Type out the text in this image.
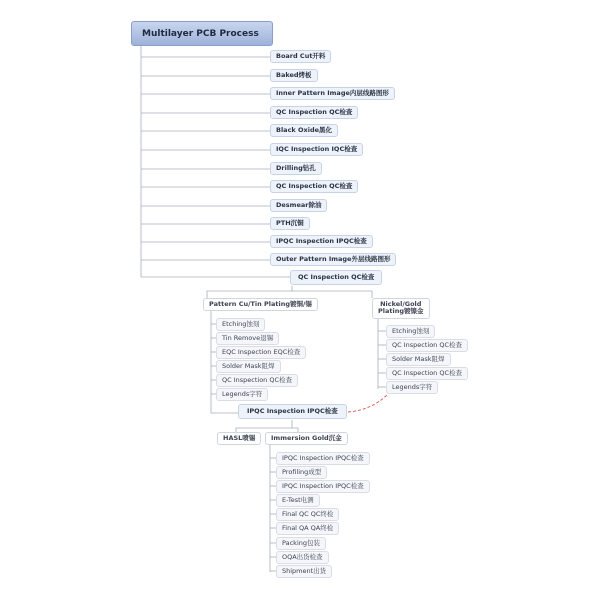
Multilayer PCB Process
Board Cut开料
Baked烤板
Inner Pattern Image内层线路图形
QC Inspection QC检查
Black Oxide黑化
IQC Inspection IQC检查
Drilling钻孔
QC Inspection QC检查
Desmear除油
PTH沉铜
IPQC Inspection IPQC检查
Outer Pattern Image外层线路图形
QC Inspection QC检查
Pattern Cu/Tin Plating镀铜/锡
Etching蚀刻
Tin Remove退锡
EQC Inspection EQC检查
Solder Mask阻焊
QC Inspection QC检查
Legends字符
Nickel/Gold
Plating镀镍金
Etching蚀刻
QC Inspection QC检查
Solder Mask阻焊
QC Inspection QC检查
Legends字符
IPQC Inspection IPQC检查
HASL喷锡	Immersion Gold沉金
IPQC Inspection IPQC检查
Profiling成型
IPQC Inspection IPQC检查
E-Test电测
Final QC QC终检
Final QA QA终检
Packing包装
OQA出货检查
Shipment出货
